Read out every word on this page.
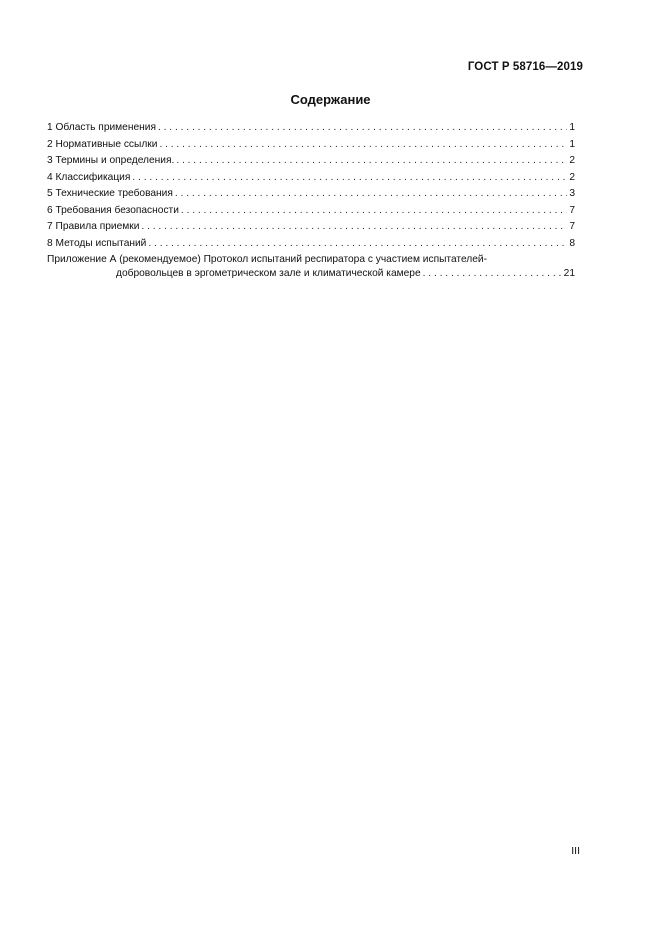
ГОСТ Р 58716—2019
Содержание
1 Область применения . . .	1
2 Нормативные ссылки . . .	1
3 Термины и определения. . . .	2
4 Классификация . . .	2
5 Технические требования . . .	3
6 Требования безопасности . . .	7
7 Правила приемки . . .	7
8 Методы испытаний . . .	8
Приложение А (рекомендуемое) Протокол испытаний респиратора с участием испытателей-
добровольцев в эргометрическом зале и климатической камере . . .	21
III
